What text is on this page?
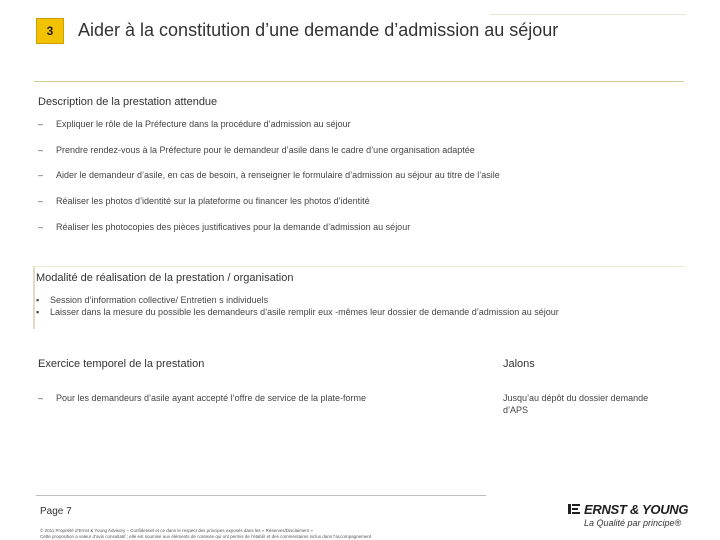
3	Aider à la constitution d’une demande d’admission au séjour
Description de la prestation attendue
– Expliquer le rôle de la Préfecture dans la procédure d’admission au séjour
– Prendre rendez-vous à la Préfecture pour le demandeur d’asile dans le cadre d’une organisation adaptée
– Aider le demandeur d’asile, en cas de besoin, à renseigner le formulaire d’admission au séjour au titre de l’asile
– Réaliser les photos d’identité sur la plateforme ou financer les photos d’identité
– Réaliser les photocopies des pièces justificatives pour la demande d’admission au séjour
Modalité de réalisation de la prestation / organisation
▪ Session d’information collective/ Entretien s individuels
▪ Laisser dans la mesure du possible les demandeurs d’asile remplir eux -mêmes leur dossier de demande d’admission au séjour
Exercice temporel de la prestation
– Pour les demandeurs d’asile ayant accepté l’offre de service de la plate-forme
Jalons
Jusqu’au dépôt du dossier demande
d’APS
Page 7
© 2011 Propriété d’Ernst & Young Advisory – Confidentiel et ce dans le respect des principes exposés dans les « Réserves/Disclaimers »
Cette proposition a valeur d’avis consultatif ; elle est soumise aux éléments de contexte qui ont permis de l’établir et des commentaires inclus dans l’accompagnement
ERNST & YOUNG
La Qualité par principe®
